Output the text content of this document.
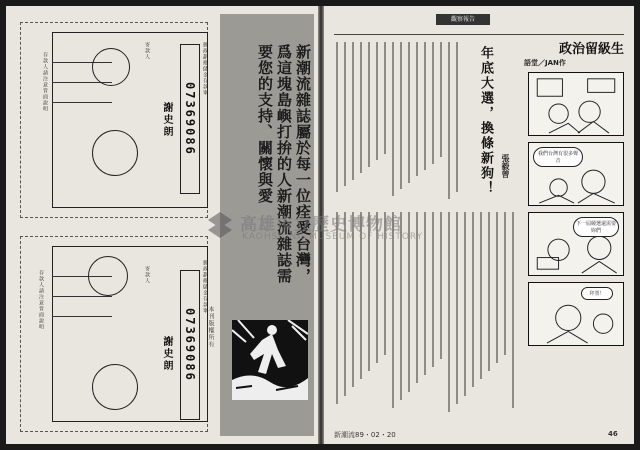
07369086
謝史朗
郵政劃撥儲金存款單
寄款人
存款人請注意背面說明
07369086
謝史朗
郵政劃撥儲金存款單
寄款人
存款人請注意背面說明	本刊版權所有
新潮流雜誌屬於每一位痊愛台灣，爲這塊島嶼打拚的人新潮流雜誌需要您的支持、關懷與愛
觀察報告
年底大選，換條新狗！ 張毅曾
政治留級生
語堂／JAN作
我們台灣有很多聲音
下一屆競選還需要妳們
拜票！
新潮流89・02・20	46
高雄市立歷史博物館
KAOHSIUNG MUSEUM OF HISTORY
